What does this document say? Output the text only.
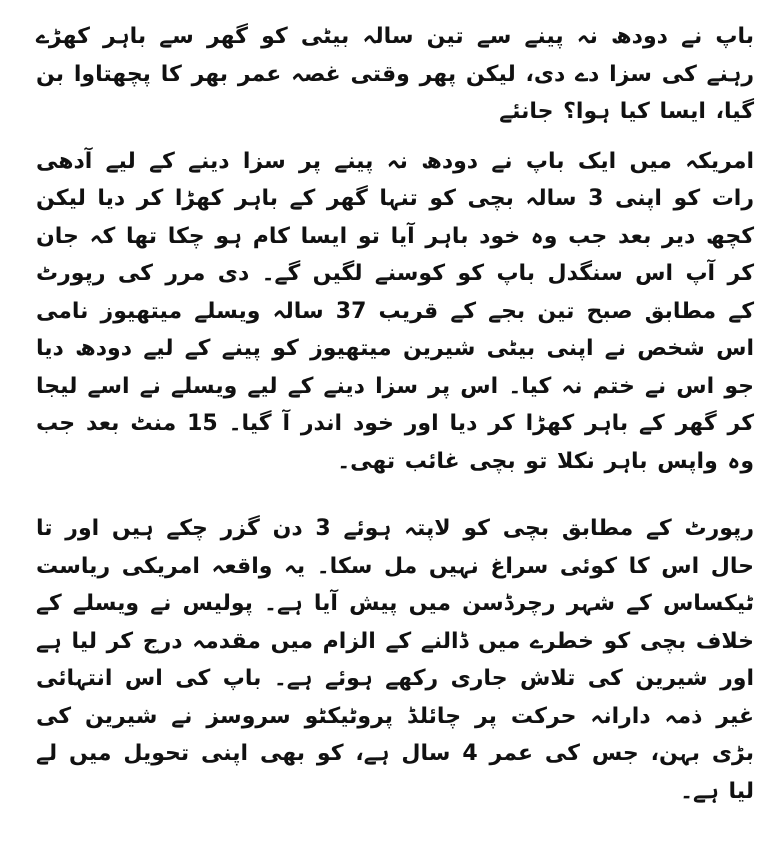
باپ نے دودھ نہ پینے سے تین سالہ بیٹی کو گھر سے باہر کھڑے رہنے کی سزا دے دی، لیکن پھر وقتی غصہ عمر بھر کا پچھتاوا بن گیا، ایسا کیا ہوا؟ جانئے

امریکہ میں ایک باپ نے دودھ نہ پینے پر سزا دینے کے لیے آدھی رات کو اپنی 3 سالہ بچی کو تنہا گھر کے باہر کھڑا کر دیا لیکن کچھ دیر بعد جب وہ خود باہر آیا تو ایسا کام ہو چکا تھا کہ جان کر آپ اس سنگدل باپ کو کوسنے لگیں گے۔ دی مرر کی رپورٹ کے مطابق صبح تین بجے کے قریب 37 سالہ ویسلے میتھیوز نامی اس شخص نے اپنی بیٹی شیرین میتھیوز کو پینے کے لیے دودھ دیا جو اس نے ختم نہ کیا۔ اس پر سزا دینے کے لیے ویسلے نے اسے لیجا کر گھر کے باہر کھڑا کر دیا اور خود اندر آ گیا۔ 15 منٹ بعد جب وہ واپس باہر نکلا تو بچی غائب تھی۔

رپورٹ کے مطابق بچی کو لاپتہ ہوئے 3 دن گزر چکے ہیں اور تا حال اس کا کوئی سراغ نہیں مل سکا۔ یہ واقعہ امریکی ریاست ٹیکساس کے شہر رچرڈسن میں پیش آیا ہے۔ پولیس نے ویسلے کے خلاف بچی کو خطرے میں ڈالنے کے الزام میں مقدمہ درج کر لیا ہے اور شیرین کی تلاش جاری رکھے ہوئے ہے۔ باپ کی اس انتہائی غیر ذمہ دارانہ حرکت پر چائلڈ پروٹیکٹو سروسز نے شیرین کی بڑی بہن، جس کی عمر 4 سال ہے، کو بھی اپنی تحویل میں لے لیا ہے۔
